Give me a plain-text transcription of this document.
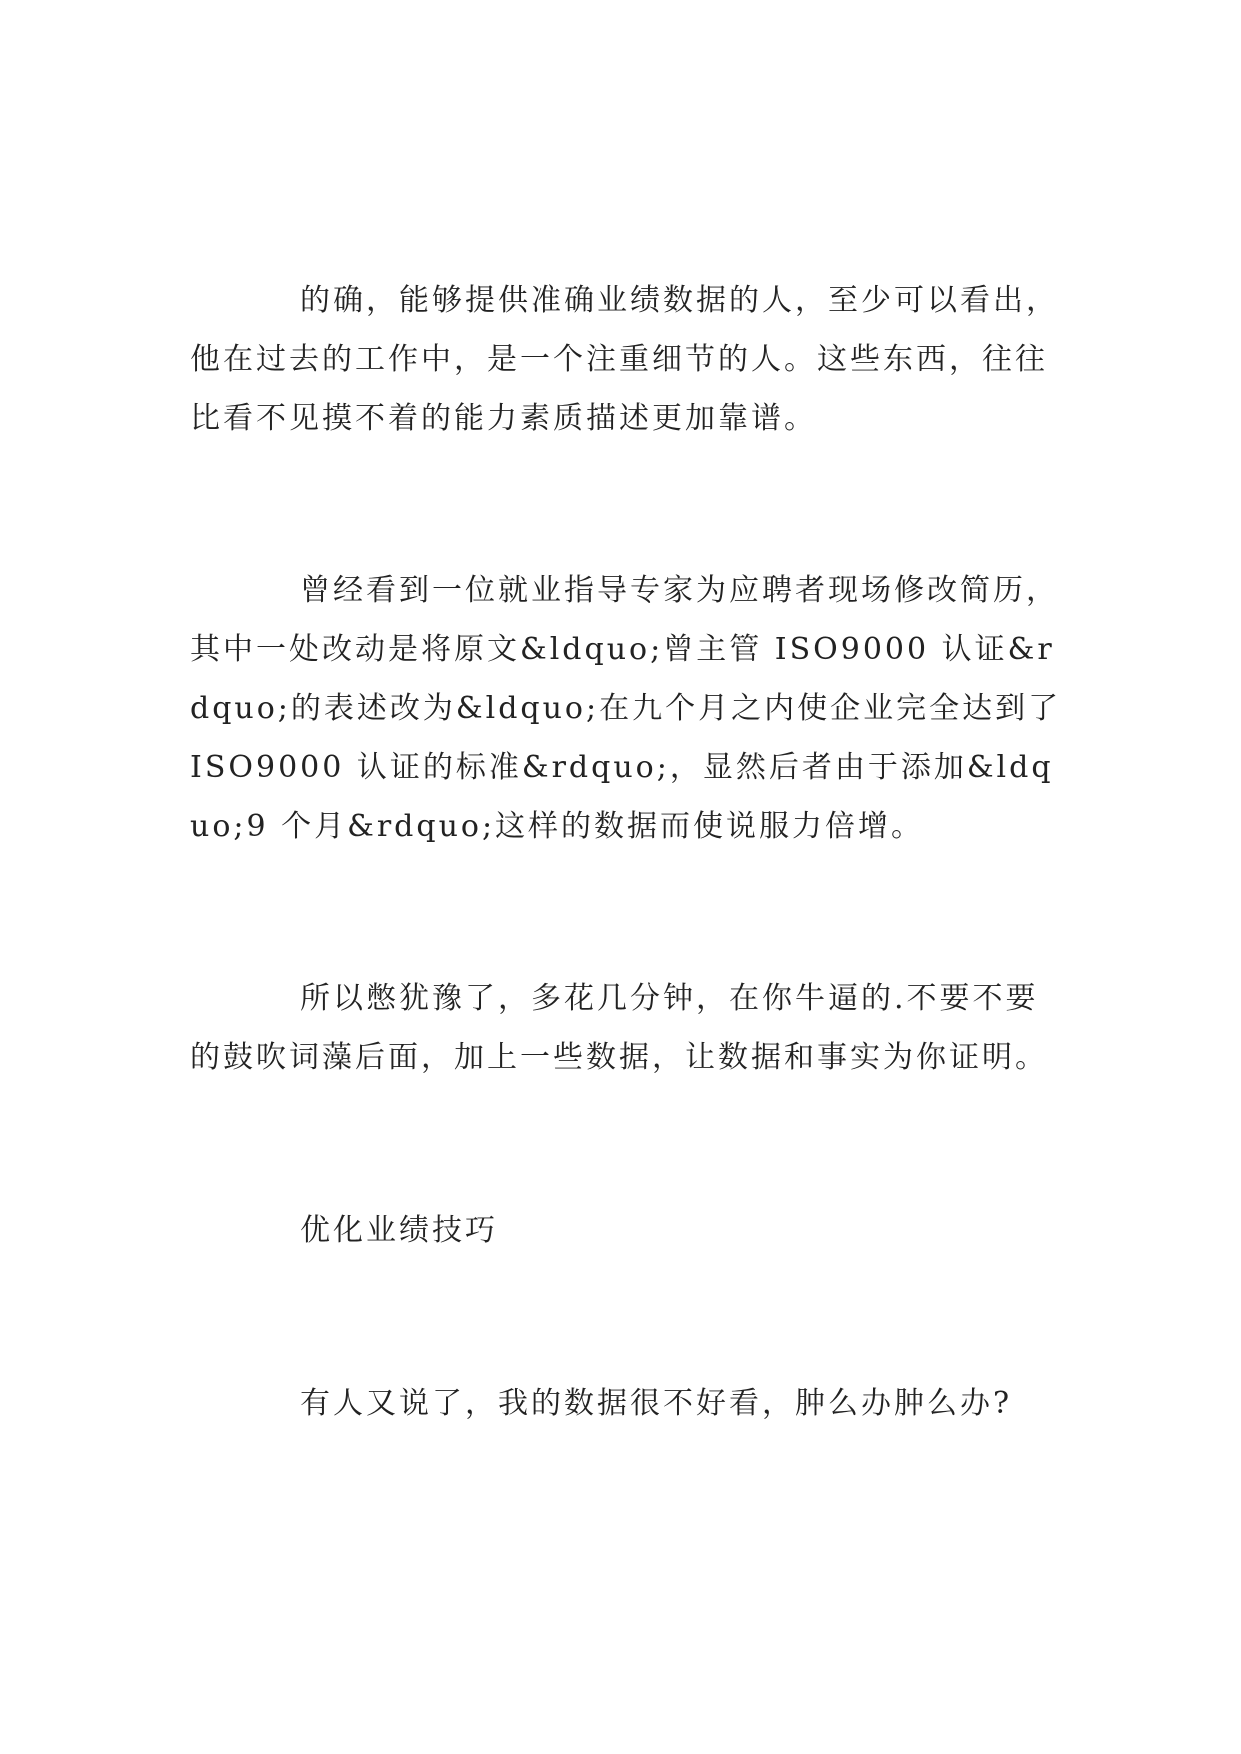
的确，能够提供准确业绩数据的人，至少可以看出，他在过去的工作中，是一个注重细节的人。这些东西，往往比看不见摸不着的能力素质描述更加靠谱。

曾经看到一位就业指导专家为应聘者现场修改简历，其中一处改动是将原文&ldquo;曾主管 ISO9000 认证&rdquo;的表述改为&ldquo;在九个月之内使企业完全达到了 ISO9000 认证的标准&rdquo;，显然后者由于添加&ldquo;9 个月&rdquo;这样的数据而使说服力倍增。

所以憋犹豫了，多花几分钟，在你牛逼的.不要不要的鼓吹词藻后面，加上一些数据，让数据和事实为你证明。

优化业绩技巧

有人又说了，我的数据很不好看，肿么办肿么办?
